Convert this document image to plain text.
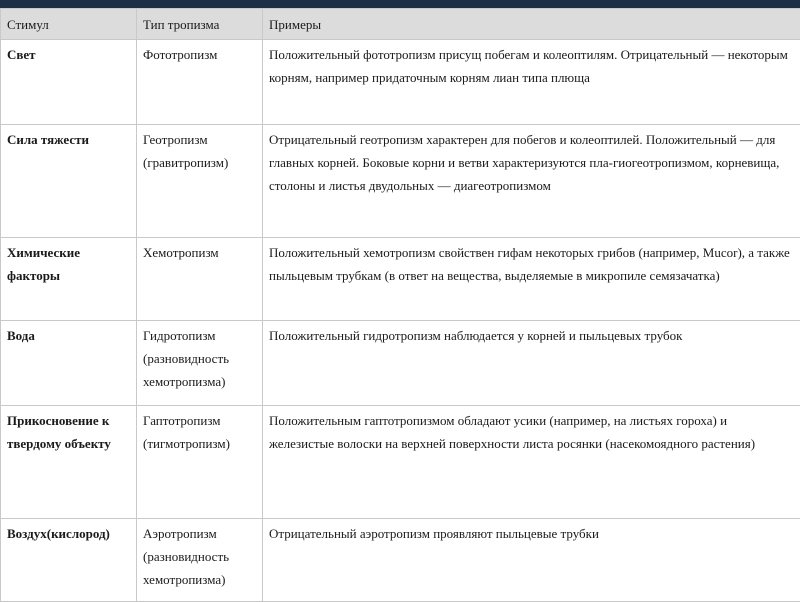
Стимул	Тип тропизма	Примеры
Свет	Фототропизм	Положительный фототропизм присущ побегам и колеоптилям. Отрицательный — некоторым корням, например придаточным корням лиан типа плюща
Сила тяжести	Геотропизм (гравитропизм)	Отрицательный геотропизм характерен для побегов и колеоптилей. Положительный — для главных корней. Боковые корни и ветви характеризуются пла-гиогеотропизмом, корневища, столоны и листья двудольных — диагеотропизмом
Химические факторы	Хемотропизм	Положительный хемотропизм свойствен гифам некоторых грибов (например, Mucor), а также пыльцевым трубкам (в ответ на вещества, выделяемые в микропиле семязачатка)
Вода	Гидротопизм (разновидность хемотропизма)	Положительный гидротропизм наблюдается у корней и пыльцевых трубок
Прикосновение к твердому объекту	Гаптотропизм (тигмотропизм)	Положительным гаптотропизмом обладают усики (например, на листьях гороха) и железистые волоски на верхней поверхности листа росянки (насекомоядного растения)
Воздух(кислород)	Аэротропизм (разновидность хемотропизма)	Отрицательный аэротропизм проявляют пыльцевые трубки
